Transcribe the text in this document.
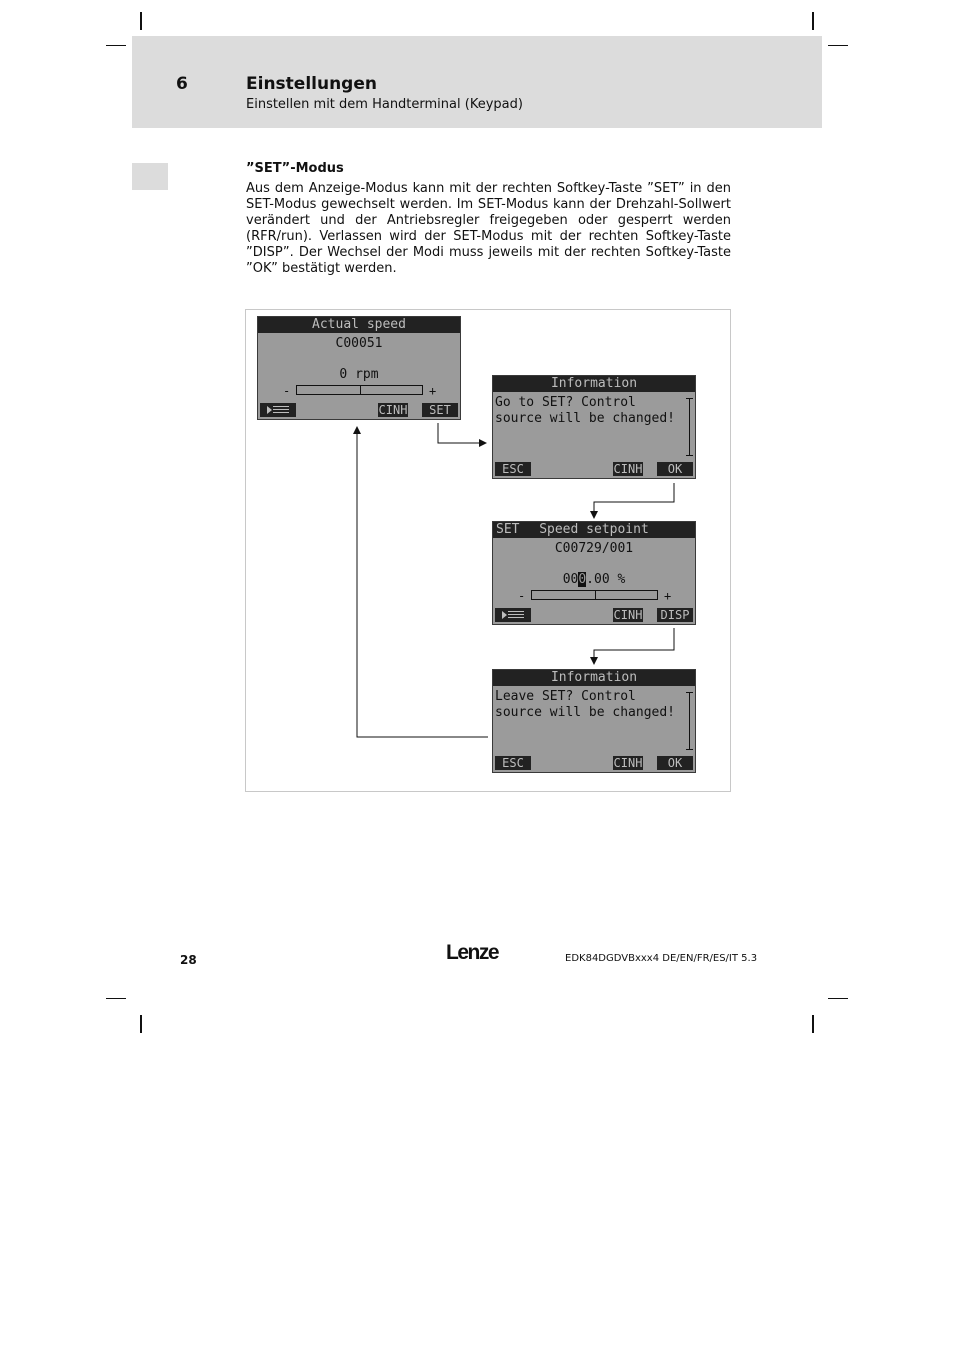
6	Einstellungen
Einstellen mit dem Handterminal (Keypad)
”SET”-Modus
Aus dem Anzeige-Modus kann mit der rechten Softkey-Taste ”SET” in den SET-Modus gewechselt werden. Im SET-Modus kann der Drehzahl-Sollwert verändert und der Antriebsregler freigegeben oder gesperrt werden (RFR/run). Verlassen wird der SET-Modus mit der rechten Softkey-Taste ”DISP”. Der Wechsel der Modi muss jeweils mit der rechten Softkey-Taste ”OK” bestätigt werden.
Actual speed
C00051
0 rpm
-	+
CINH	SET
Information
Go to SET? Control
source will be changed!
ESC	CINH	OK
SET Speed setpoint
C00729/001
000.00 %
-	+
CINH DISP
Information
Leave SET? Control
source will be changed!
ESC	CINH	OK
28	Lenze	EDK84DGDVBxxx4 DE/EN/FR/ES/IT 5.3
